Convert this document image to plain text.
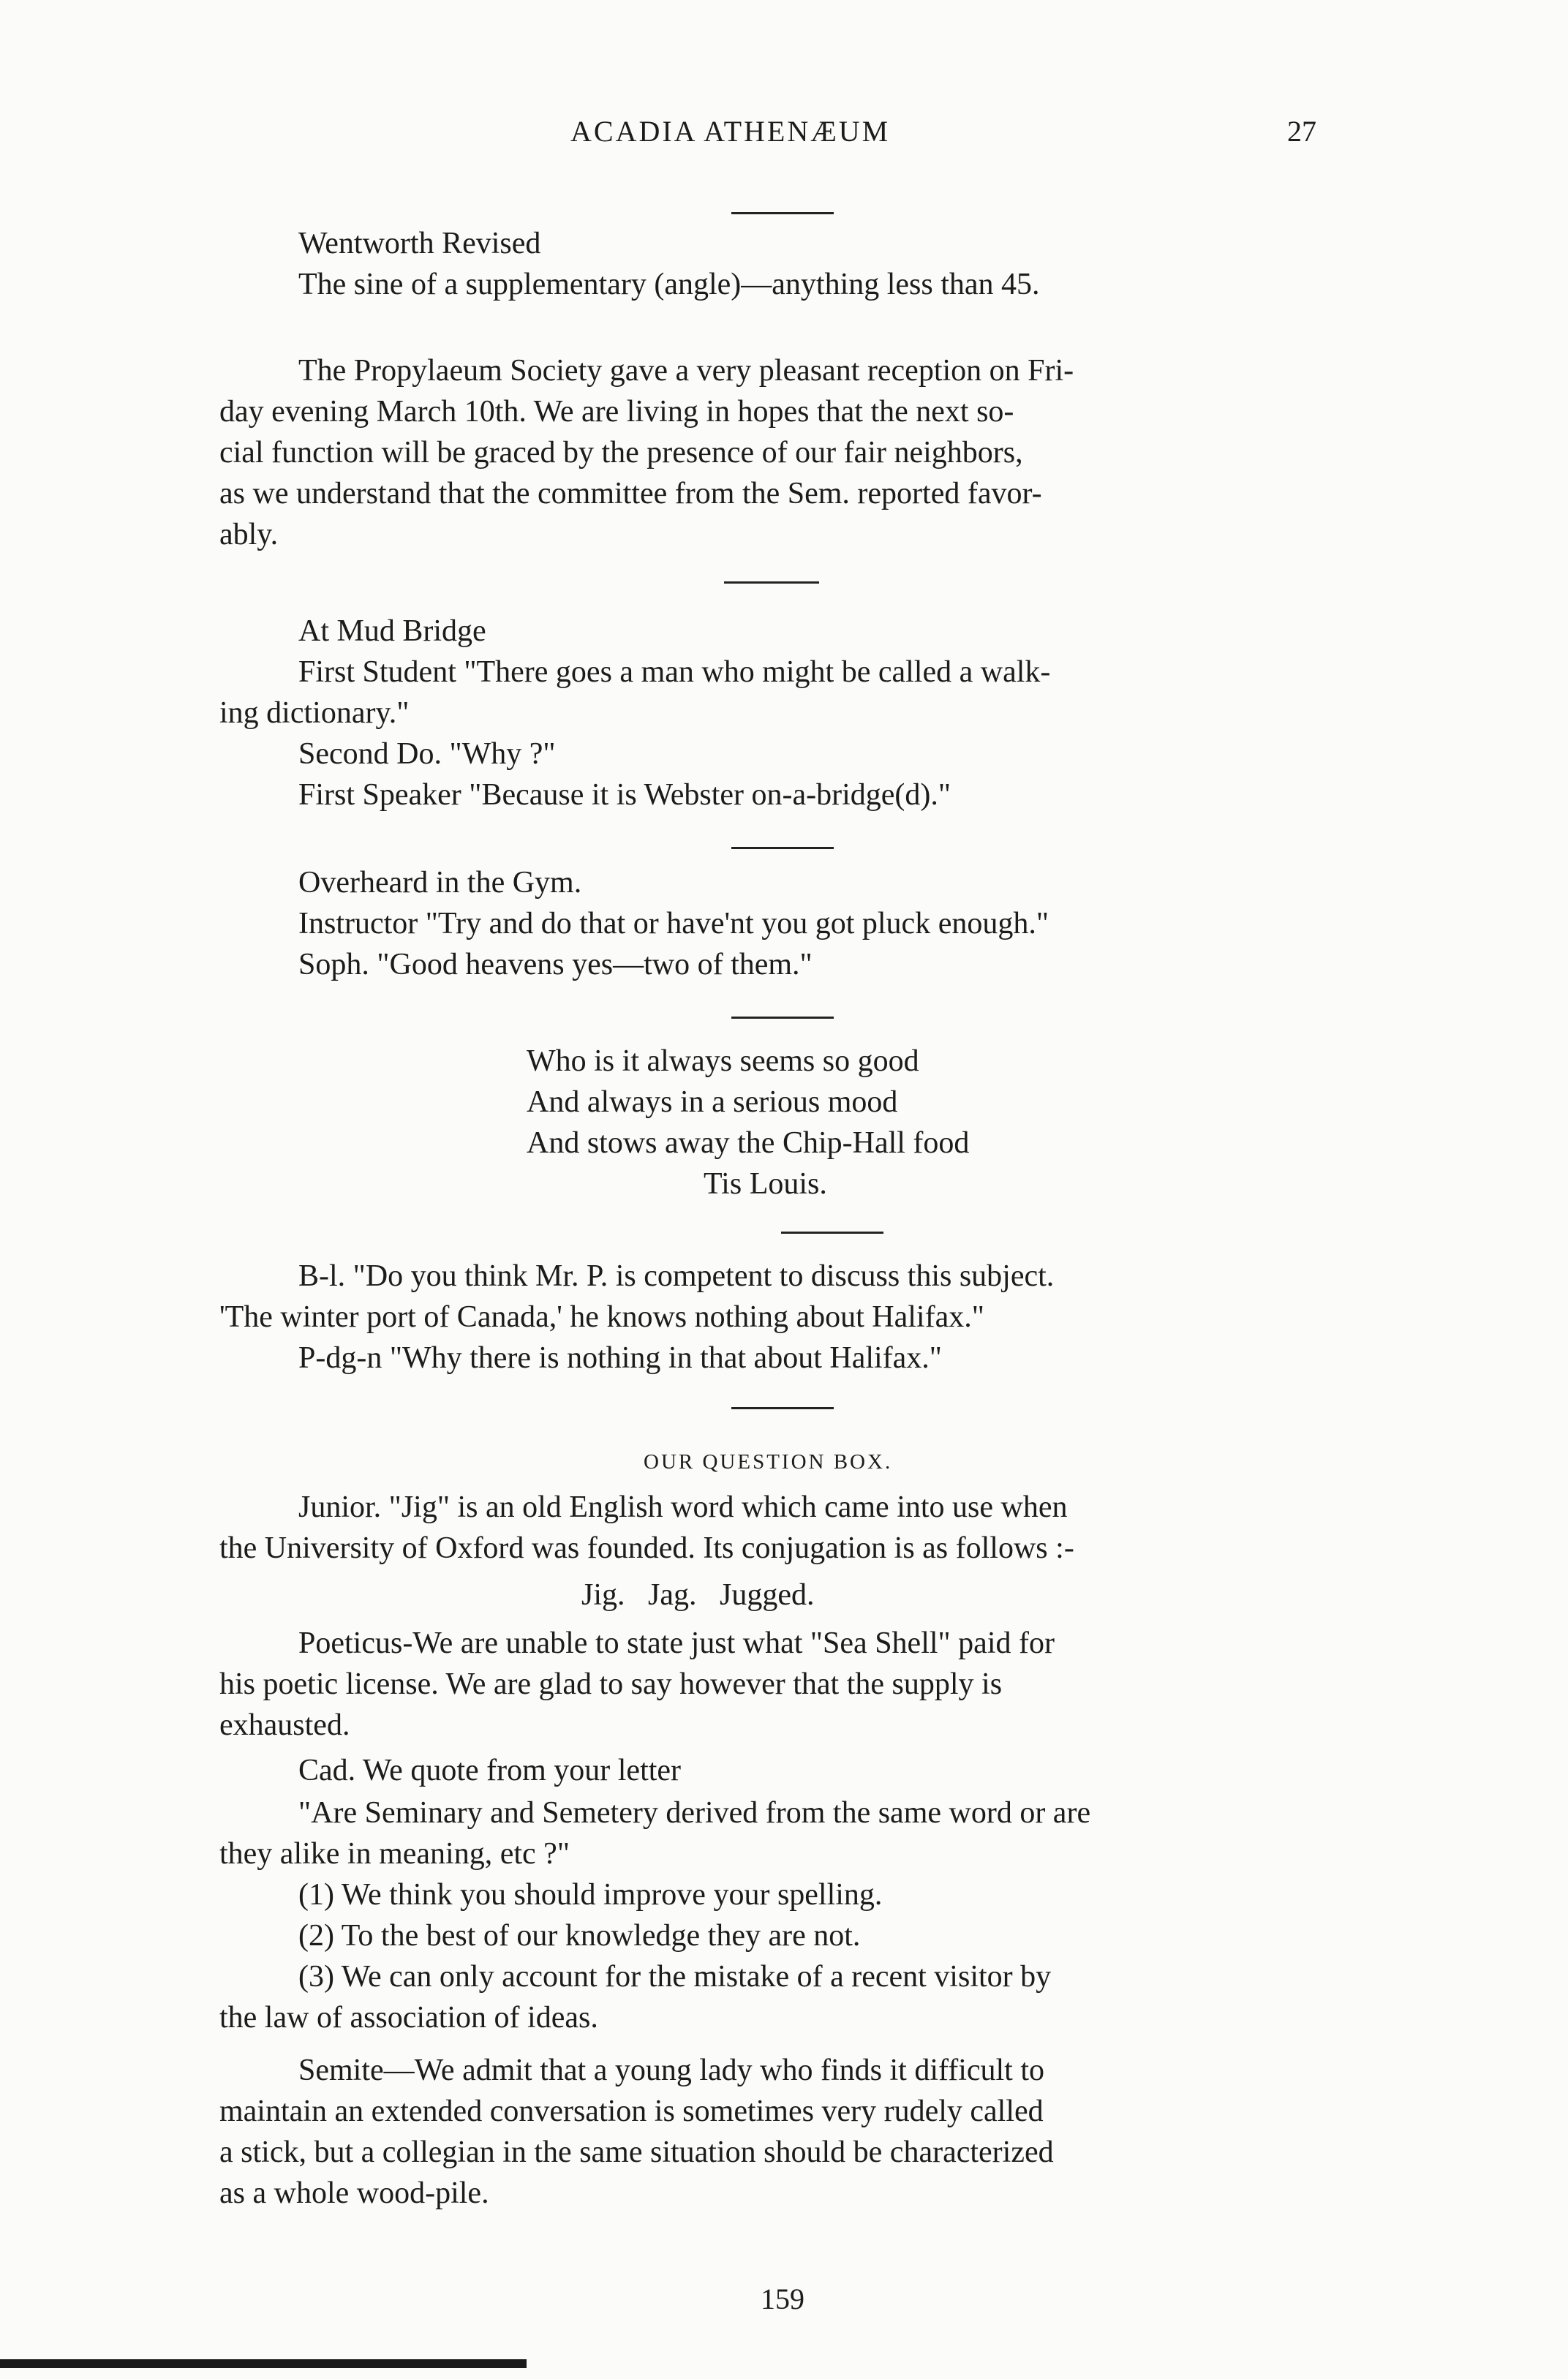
ACADIA ATHENÆUM	27
Wentworth Revised
The sine of a supplementary (angle)—anything less than 45.
The Propylaeum Society gave a very pleasant reception on Fri-
day evening March 10th. We are living in hopes that the next so-
cial function will be graced by the presence of our fair neighbors,
as we understand that the committee from the Sem. reported favor-
ably.
At Mud Bridge
First Student "There goes a man who might be called a walk-
ing dictionary."
Second Do. "Why ?"
First Speaker "Because it is Webster on-a-bridge(d)."
Overheard in the Gym.
Instructor "Try and do that or have'nt you got pluck enough."
Soph. "Good heavens yes—two of them."
Who is it always seems so good
And always in a serious mood
And stows away the Chip-Hall food
Tis Louis.
B-l. "Do you think Mr. P. is competent to discuss this subject.
'The winter port of Canada,' he knows nothing about Halifax."
P-dg-n "Why there is nothing in that about Halifax."
OUR QUESTION BOX.
Junior. "Jig" is an old English word which came into use when
the University of Oxford was founded. Its conjugation is as follows :-
Jig.   Jag.   Jugged.
Poeticus-We are unable to state just what "Sea Shell" paid for
his poetic license. We are glad to say however that the supply is
exhausted.
Cad. We quote from your letter
"Are Seminary and Semetery derived from the same word or are
they alike in meaning, etc ?"
(1) We think you should improve your spelling.
(2) To the best of our knowledge they are not.
(3) We can only account for the mistake of a recent visitor by
the law of association of ideas.
Semite—We admit that a young lady who finds it difficult to
maintain an extended conversation is sometimes very rudely called
a stick, but a collegian in the same situation should be characterized
as a whole wood-pile.
159
